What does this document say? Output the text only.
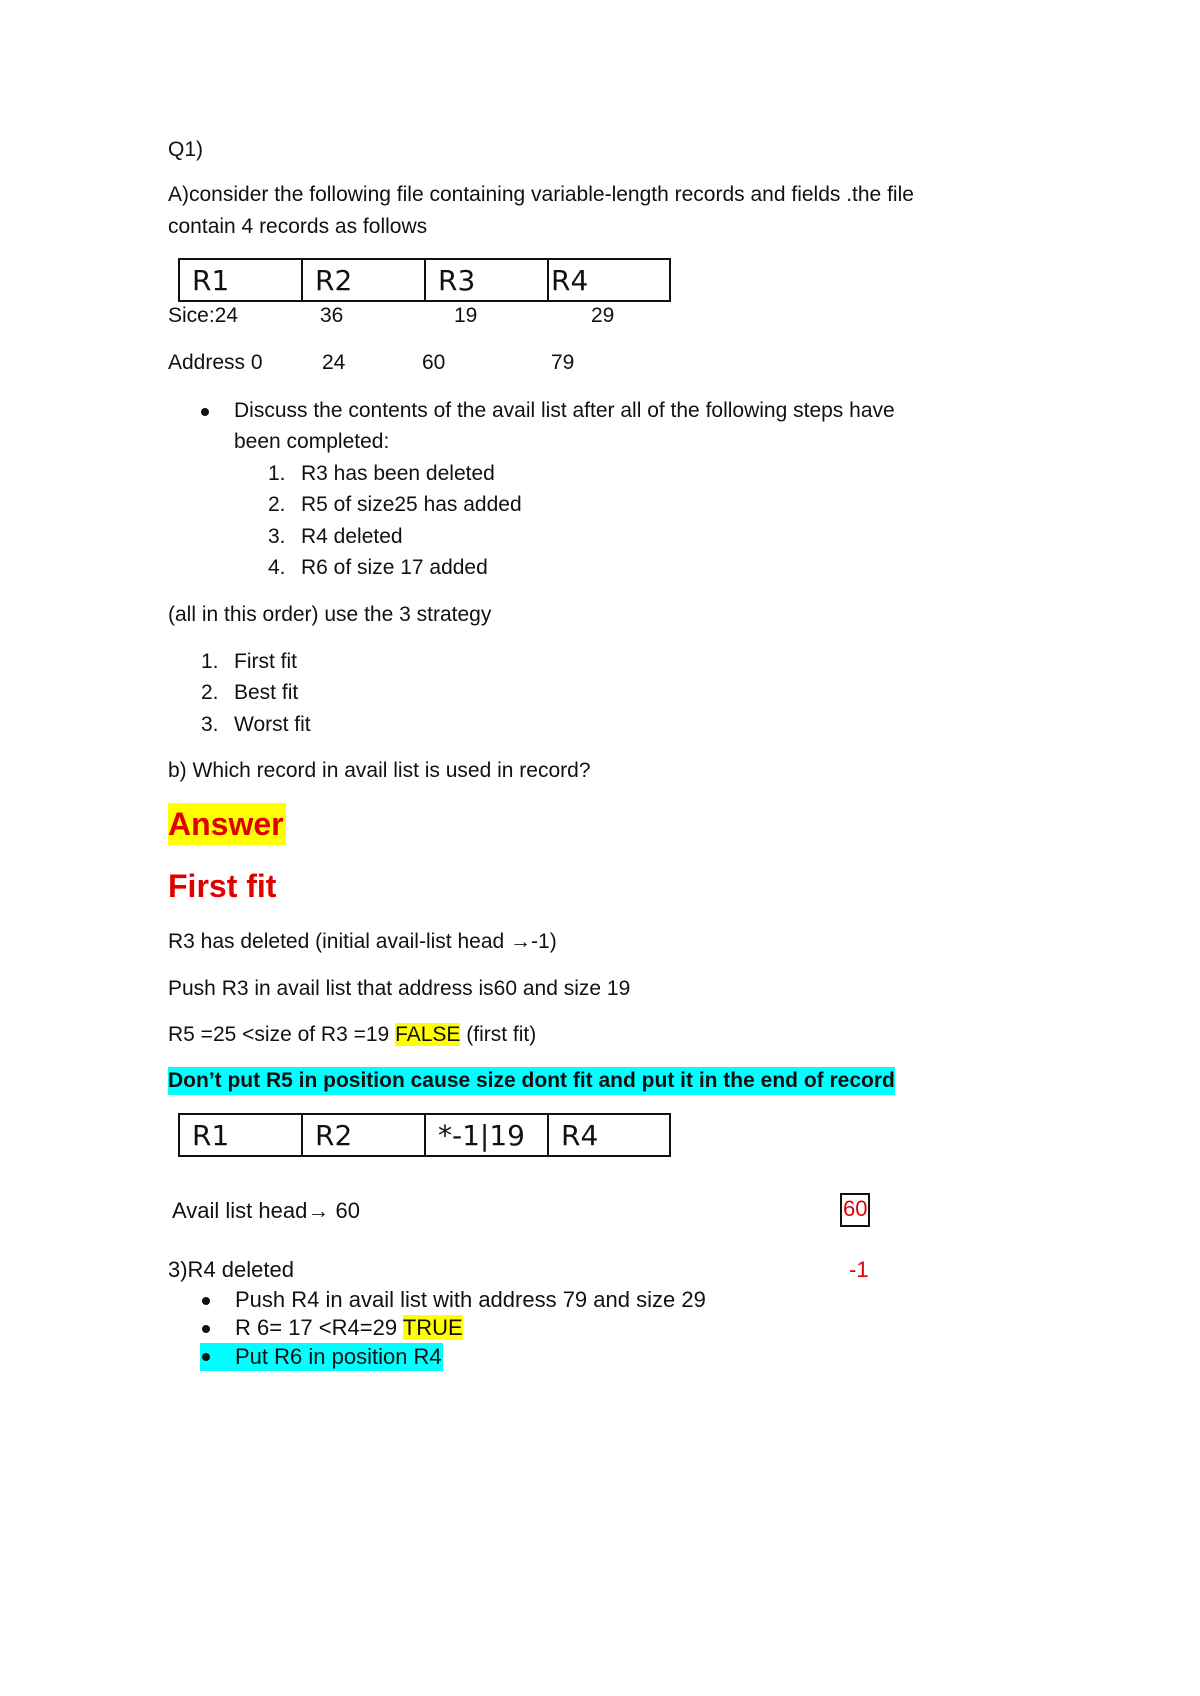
Q1)
A)consider the following file containing variable-length records and fields .the file
contain 4 records as follows
R1	R2	R3	R4
Sice:24	36	19	29
Address 0	24	60	79
Discuss the contents of the avail list after all of the following steps have
been completed:
1. R3 has been deleted
2. R5 of size25 has added
3. R4 deleted
4. R6 of size 17 added
(all in this order) use the 3 strategy
1. First fit
2. Best fit
3. Worst fit
b) Which record in avail list is used in record?
Answer
First fit
R3 has deleted (initial avail-list head →-1)
Push R3 in avail list that address is60 and size 19
R5 =25 <size of R3 =19 FALSE (first fit)
Don’t put R5 in position cause size dont fit and put it in the end of record
R1	R2	*-1|19	R4
Avail list head→ 60	60
3)R4 deleted	-1
Push R4 in avail list with address 79 and size 29
R 6= 17 <R4=29 TRUE
Put R6 in position R4
